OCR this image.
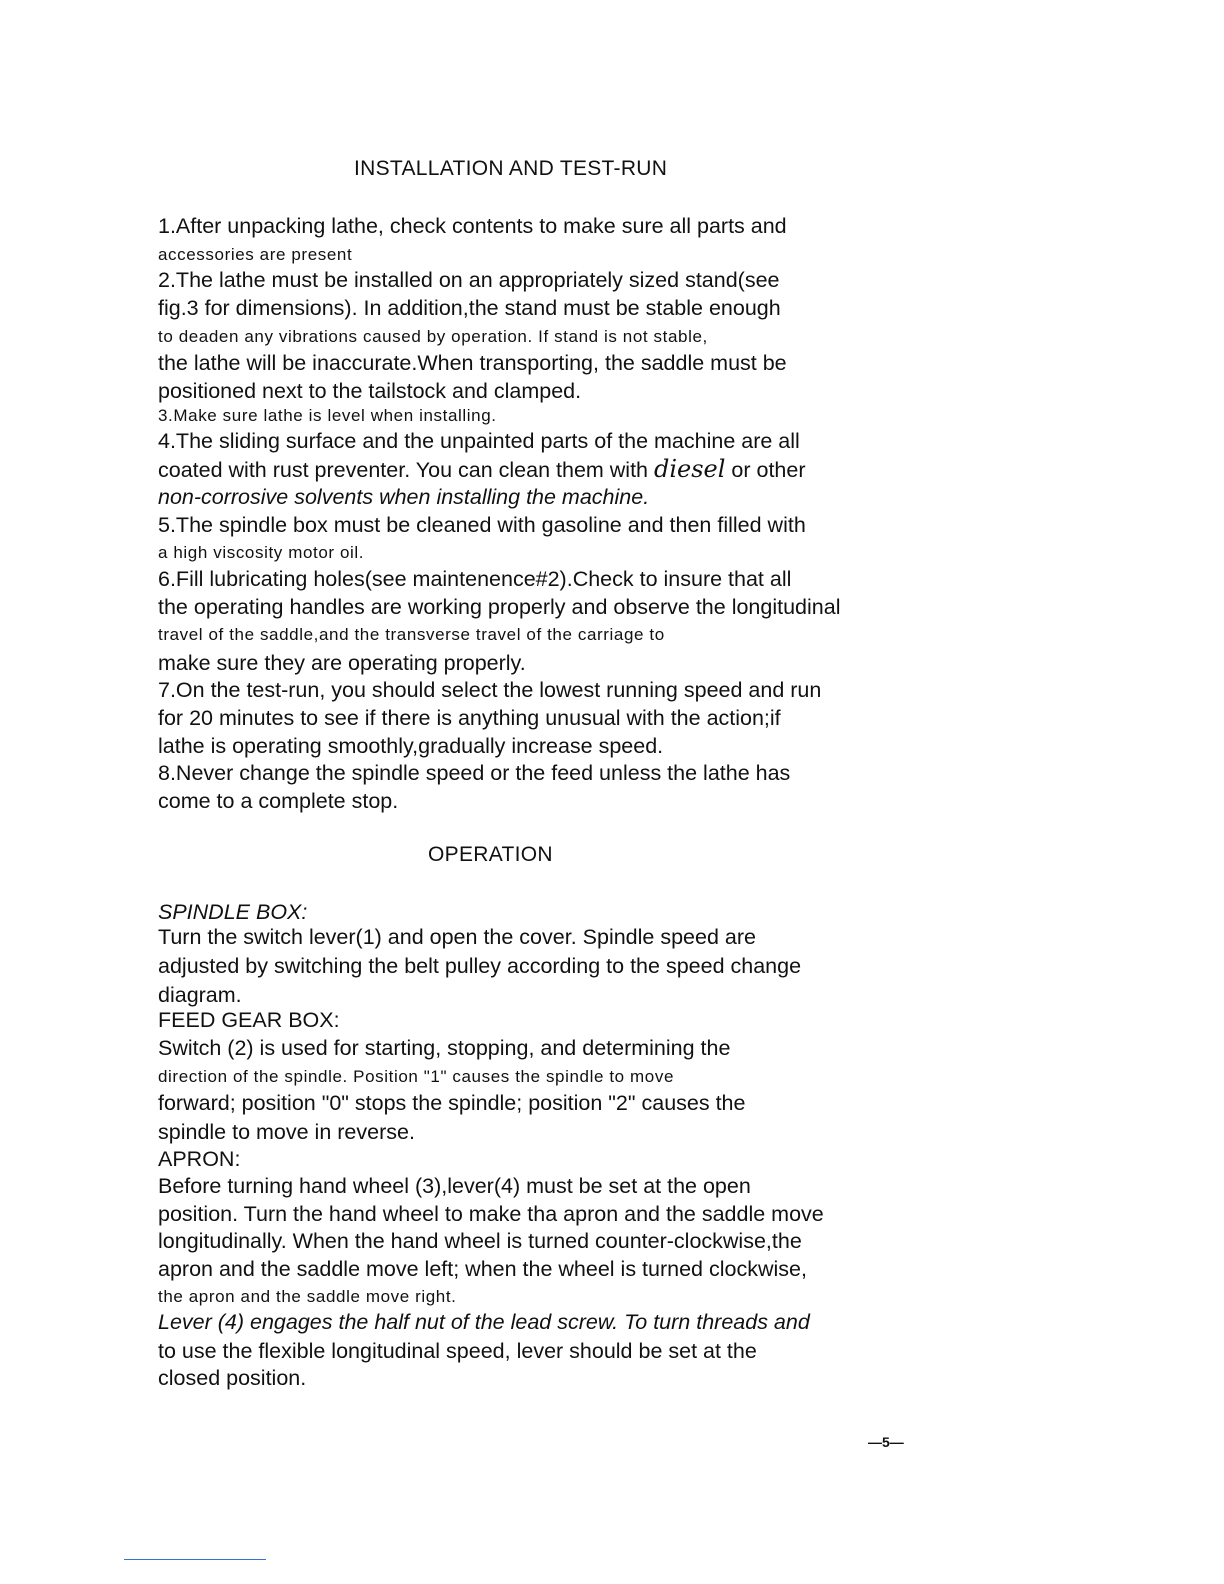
INSTALLATION AND TEST-RUN

1.After unpacking lathe, check contents to make sure all parts and

accessories are present

2.The lathe must be installed on an appropriately sized stand(see

fig.3 for dimensions). In addition,the stand must be stable enough

to deaden any vibrations caused by operation. If stand is not stable,

the lathe will be inaccurate.When transporting, the saddle must be

positioned next to the tailstock and clamped.

3.Make sure lathe is level when installing.

4.The sliding surface and the unpainted parts of the machine are all

coated with rust preventer. You can clean them with diesel or other

non-corrosive solvents when installing the machine.

5.The spindle box must be cleaned with gasoline and then filled with

a high viscosity motor oil.

6.Fill lubricating holes(see maintenence#2).Check to insure that all

the operating handles are working properly and observe the longitudinal

travel of the saddle,and the transverse travel of the carriage to

make sure they are operating properly.

7.On the test-run, you should select the lowest running speed and run

for 20 minutes to see if there is anything unusual with the action;if

lathe is operating smoothly,gradually increase speed.

8.Never change the spindle speed or the feed unless the lathe has

come to a complete stop.

OPERATION

SPINDLE BOX:

Turn the switch lever(1) and open the cover. Spindle speed are

adjusted by switching the belt pulley according to the speed change

diagram.

FEED GEAR BOX:

Switch (2) is used for starting, stopping, and determining the

direction of the spindle. Position "1" causes the spindle to move

forward; position "0" stops the spindle; position "2" causes the

spindle to move in reverse.

APRON:

Before turning hand wheel (3),lever(4) must be set at the open

position. Turn the hand wheel to make tha apron and the saddle move

longitudinally. When the hand wheel is turned counter-clockwise,the

apron and the saddle move left; when the wheel is turned clockwise,

the apron and the saddle move right.

Lever (4) engages the half nut of the lead screw. To turn threads and

to use the flexible longitudinal speed, lever should be set at the

closed position.

—5—
